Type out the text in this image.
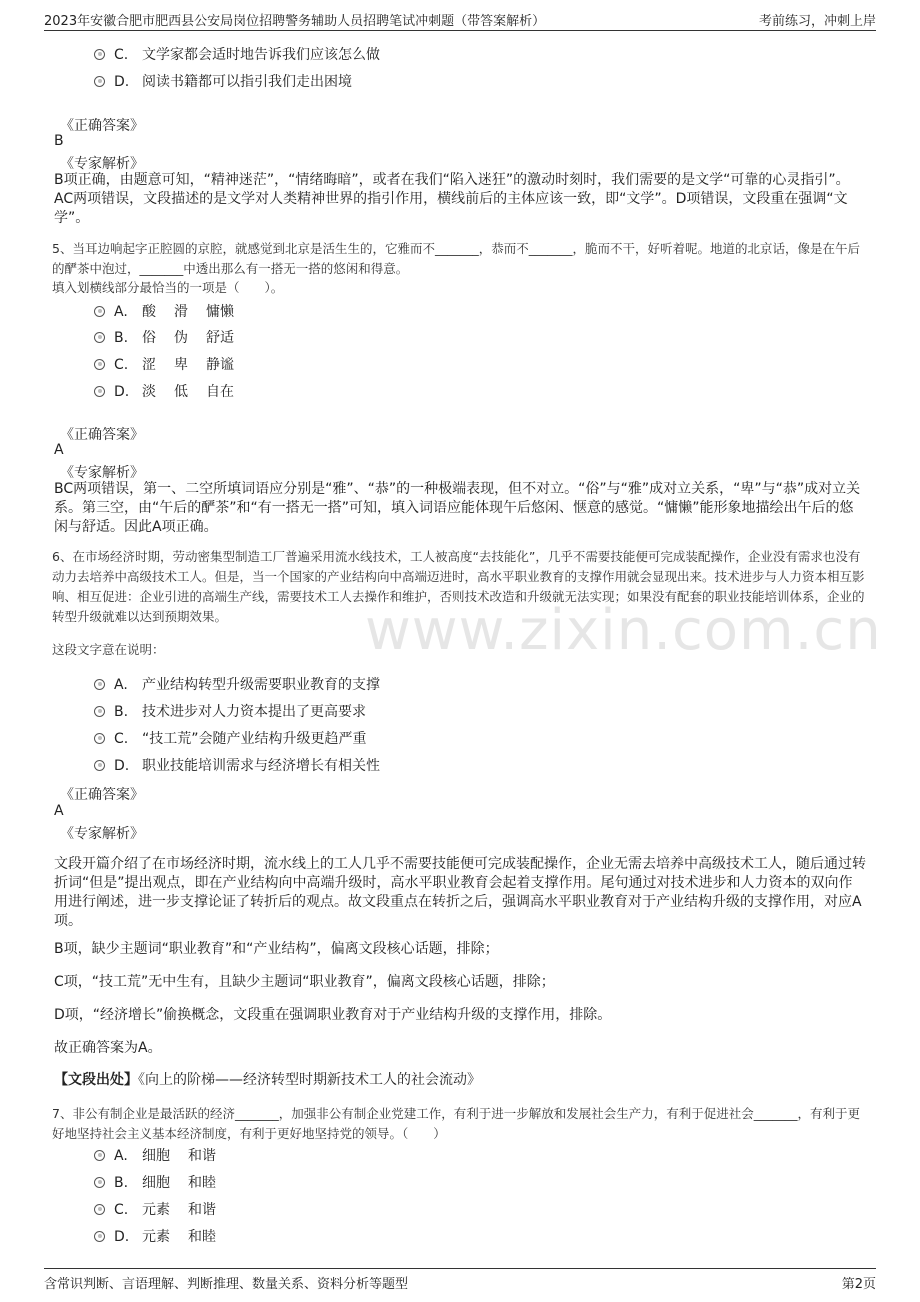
2023年安徽合肥市肥西县公安局岗位招聘警务辅助人员招聘笔试冲刺题（带答案解析）	考前练习，冲刺上岸
www.zixin.com.cn
C. 文学家都会适时地告诉我们应该怎么做
D. 阅读书籍都可以指引我们走出困境
《正确答案》
B
《专家解析》

B项正确，由题意可知，“精神迷茫”，“情绪晦暗”，或者在我们“陷入迷狂”的激动时刻时，我们需要的是文学“可靠的心灵指引”。AC两项错误，文段描述的是文学对人类精神世界的指引作用，横线前后的主体应该一致，即“文学”。D项错误，文段重在强调“文学”。

5、当耳边响起字正腔圆的京腔，就感觉到北京是活生生的，它雅而不_______，恭而不_______，脆而不干，好听着呢。地道的北京话，像是在午后的酽茶中泡过，_______中透出那么有一搭无一搭的悠闲和得意。

填入划横线部分最恰当的一项是（　　）。
A. 酸 滑 慵懒
B. 俗 伪 舒适
C. 涩 卑 静谧
D. 淡 低 自在
《正确答案》
A
《专家解析》

BC两项错误，第一、二空所填词语应分别是“雅”、“恭”的一种极端表现，但不对立。“俗”与“雅”成对立关系，“卑”与“恭”成对立关系。第三空，由“午后的酽茶”和“有一搭无一搭”可知，填入词语应能体现午后悠闲、惬意的感觉。“慵懒”能形象地描绘出午后的悠闲与舒适。因此A项正确。

6、在市场经济时期，劳动密集型制造工厂普遍采用流水线技术，工人被高度“去技能化”，几乎不需要技能便可完成装配操作，企业没有需求也没有动力去培养中高级技术工人。但是，当一个国家的产业结构向中高端迈进时，高水平职业教育的支撑作用就会显现出来。技术进步与人力资本相互影响、相互促进：企业引进的高端生产线，需要技术工人去操作和维护，否则技术改造和升级就无法实现；如果没有配套的职业技能培训体系，企业的转型升级就难以达到预期效果。

这段文字意在说明：
A. 产业结构转型升级需要职业教育的支撑
B. 技术进步对人力资本提出了更高要求
C. “技工荒”会随产业结构升级更趋严重
D. 职业技能培训需求与经济增长有相关性
《正确答案》
A
《专家解析》

文段开篇介绍了在市场经济时期，流水线上的工人几乎不需要技能便可完成装配操作，企业无需去培养中高级技术工人，随后通过转折词“但是”提出观点，即在产业结构向中高端升级时，高水平职业教育会起着支撑作用。尾句通过对技术进步和人力资本的双向作用进行阐述，进一步支撑论证了转折后的观点。故文段重点在转折之后，强调高水平职业教育对于产业结构升级的支撑作用，对应A项。

B项，缺少主题词“职业教育”和“产业结构”，偏离文段核心话题，排除；

C项，“技工荒”无中生有，且缺少主题词“职业教育”，偏离文段核心话题，排除；

D项，“经济增长”偷换概念，文段重在强调职业教育对于产业结构升级的支撑作用，排除。

故正确答案为A。

【文段出处】《向上的阶梯——经济转型时期新技术工人的社会流动》

7、非公有制企业是最活跃的经济_______，加强非公有制企业党建工作，有利于进一步解放和发展社会生产力，有利于促进社会_______，有利于更好地坚持社会主义基本经济制度，有利于更好地坚持党的领导。（　　）

A. 细胞 和谐
B. 细胞 和睦
C. 元素 和谐
D. 元素 和睦
含常识判断、言语理解、判断推理、数量关系、资料分析等题型	第2页
